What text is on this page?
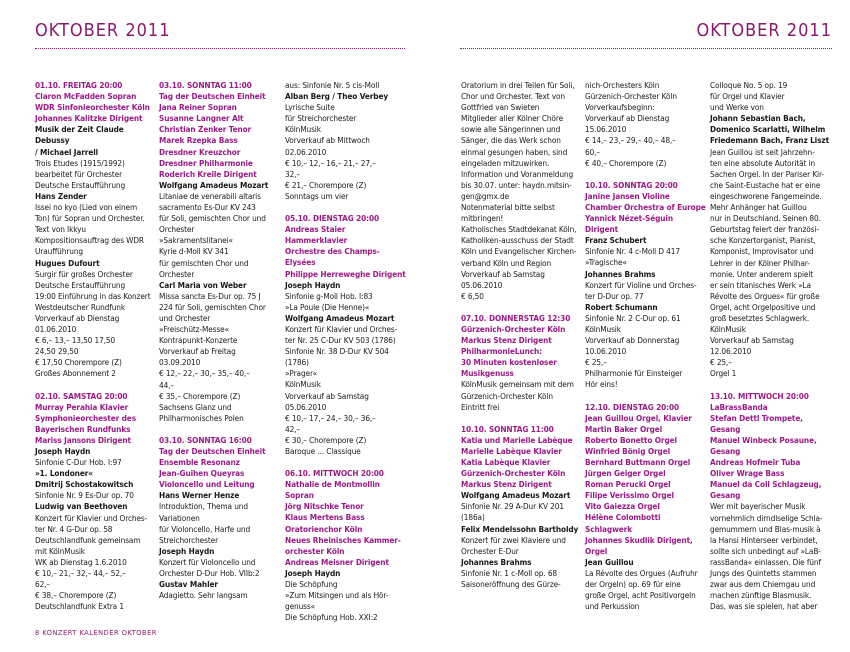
OKTOBER 2011	OKTOBER 2011
01.10. FREITAG 20:00
Claron McFadden Sopran
WDR Sinfonieorchester Köln
Johannes Kalitzke Dirigent
Musik der Zeit Claude Debussy
/ Michael Jarrell
Trois Etudes (1915/1992)
bearbeitet für Orchester
Deutsche Erstaufführung
Hans Zender
Issei no kyo (Lied von einem
Ton) für Sopran und Orchester.
Text von Ikkyu
Kompositionsauftrag des WDR
Uraufführung
Hugues Dufourt
Surgir für großes Orchester
Deutsche Erstaufführung
19:00 Einführung in das Konzert
Westdeutscher Rundfunk
Vorverkauf ab Dienstag
01.06.2010
€ 6,– 13,– 13,50 17,50
24,50 29,50
€ 17,50 Chorempore (Z)
Großes Abonnement 2
02.10. SAMSTAG 20:00
Murray Perahia Klavier
Symphonieorchester des
Bayerischen Rundfunks
Mariss Jansons Dirigent
Joseph Haydn
Sinfonie C-Dur Hob. I:97
»1. Londoner«
Dmitrij Schostakowitsch
Sinfonie Nr. 9 Es-Dur op. 70
Ludwig van Beethoven
Konzert für Klavier und Orches-
ter Nr. 4 G-Dur op. 58
Deutschlandfunk gemeinsam
mit KölnMusik
WK ab Dienstag 1.6.2010
€ 10,– 21,– 32,– 44,– 52,–
62,–
€ 38,– Chorempore (Z)
Deutschlandfunk Extra 1
03.10. SONNTAG 11:00
Tag der Deutschen Einheit
Jana Reiner Sopran
Susanne Langner Alt
Christian Zenker Tenor
Marek Rzepka Bass
Dresdner Kreuzchor
Dresdner Philharmonie
Roderich Kreile Dirigent
Wolfgang Amadeus Mozart
Litaniae de venerabili altaris
sacramento Es-Dur KV 243
für Soli, gemischten Chor und
Orchester
»Sakramentslitanei«
Kyrie d-Moll KV 341
für gemischten Chor und
Orchester
Carl Maria von Weber
Missa sancta Es-Dur op. 75 J
224 für Soli, gemischten Chor
und Orchester
»Freischütz-Messe«
Kontrapunkt-Konzerte
Vorverkauf ab Freitag
03.09.2010
€ 12,– 22,– 30,– 35,– 40,–
44,–
€ 35,– Chorempore (Z)
Sachsens Glanz und
Philharmonisches Polen
03.10. SONNTAG 16:00
Tag der Deutschen Einheit
Ensemble Resonanz
Jean-Guihen Queyras
Violoncello und Leitung
Hans Werner Henze
Introduktion, Thema und
Variationen
für Violoncello, Harfe und
Streichorchester
Joseph Haydn
Konzert für Violoncello und
Orchester D-Dur Hob. VIIb:2
Gustav Mahler
Adagietto. Sehr langsam
aus: Sinfonie Nr. 5 cis-Moll
Alban Berg / Theo Verbey
Lyrische Suite
für Streichorchester
KölnMusik
Vorverkauf ab Mittwoch
02.06.2010
€ 10,– 12,– 16,– 21,– 27,–
32,–
€ 21,– Chorempore (Z)
Sonntags um vier
05.10. DIENSTAG 20:00
Andreas Staier Hammerklavier
Orchestre des Champs-Elysées
Philippe Herreweghe Dirigent
Joseph Haydn
Sinfonie g-Moll Hob. I:83
»La Poule (Die Henne)«
Wolfgang Amadeus Mozart
Konzert für Klavier und Orches-
ter Nr. 25 C-Dur KV 503 (1786)
Sinfonie Nr. 38 D-Dur KV 504
(1786)
»Prager«
KölnMusik
Vorverkauf ab Samstag
05.06.2010
€ 10,– 17,– 24,– 30,– 36,–
42,–
€ 30,– Chorempore (Z)
Baroque ... Classique
06.10. MITTWOCH 20:00
Nathalie de Montmollin Sopran
Jörg Nitschke Tenor
Klaus Mertens Bass
Oratorienchor Köln
Neues Rheinisches Kammer-
orchester Köln
Andreas Meisner Dirigent
Joseph Haydn
Die Schöpfung
»Zum Mitsingen und als Hör-
genuss«
Die Schöpfung Hob. XXI:2
Oratorium in drei Teilen für Soli,
Chor und Orchester. Text von
Gottfried van Swieten
Mitglieder aller Kölner Chöre
sowie alle Sängerinnen und
Sänger, die das Werk schon
einmal gesungen haben, sind
eingeladen mitzuwirken.
Information und Voranmeldung
bis 30.07. unter: haydn.mitsin-
gen@gmx.de
Notenmaterial bitte selbst
mitbringen!
Katholisches Stadtdekanat Köln,
Katholiken-ausschuss der Stadt
Köln und Evangelischer Kirchen-
verband Köln und Region
Vorverkauf ab Samstag
05.06.2010
€ 6,50
07.10. DONNERSTAG 12:30
Gürzenich-Orchester Köln
Markus Stenz Dirigent
PhilharmonieLunch:
30 Minuten kostenloser
Musikgenuss
KölnMusik gemeinsam mit dem
Gürzenich-Orchester Köln
Eintritt frei
10.10. SONNTAG 11:00
Katia und Marielle Labèque
Marielle Labèque Klavier
Katia Labèque Klavier
Gürzenich-Orchester Köln
Markus Stenz Dirigent
Wolfgang Amadeus Mozart
Sinfonie Nr. 29 A-Dur KV 201
(186a)
Felix Mendelssohn Bartholdy
Konzert für zwei Klaviere und
Orchester E-Dur
Johannes Brahms
Sinfonie Nr. 1 c-Moll op. 68
Saisoneröffnung des Gürze-
nich-Orchesters Köln
Gürzenich-Orchester Köln
Vorverkaufsbeginn:
Vorverkauf ab Dienstag
15.06.2010
€ 14,– 23,– 29,– 40,– 48,–
60,–
€ 40,– Chorempore (Z)
10.10. SONNTAG 20:00
Janine Jansen Violine
Chamber Orchestra of Europe
Yannick Nézet-Séguin Dirigent
Franz Schubert
Sinfonie Nr. 4 c-Moll D 417
»Tragische«
Johannes Brahms
Konzert für Violine und Orches-
ter D-Dur op. 77
Robert Schumann
Sinfonie Nr. 2 C-Dur op. 61
KölnMusik
Vorverkauf ab Donnerstag
10.06.2010
€ 25,–
Philharmonie für Einsteiger
Hör eins!
12.10. DIENSTAG 20:00
Jean Guillou Orgel, Klavier
Martin Baker Orgel
Roberto Bonetto Orgel
Winfried Bönig Orgel
Bernhard Buttmann Orgel
Jürgen Geiger Orgel
Roman Perucki Orgel
Filipe Verissimo Orgel
Vito Gaiezza Orgel
Hélène Colombotti Schlagwerk
Johannes Skudlik Dirigent,
Orgel
Jean Guillou
La Révolte des Orgues (Aufruhr
der Orgeln) op. 69 für eine
große Orgel, acht Positivorgeln
und Perkussion
Colloque No. 5 op. 19
für Orgel und Klavier
und Werke von
Johann Sebastian Bach,
Domenico Scarlatti, Wilhelm
Friedemann Bach, Franz Liszt
Jean Guillou ist seit Jahrzehn-
ten eine absolute Autorität in
Sachen Orgel. In der Pariser Kir-
che Saint-Eustache hat er eine
eingeschworene Fangemeinde.
Mehr Anhänger hat Guillou
nur in Deutschland. Seinen 80.
Geburtstag feiert der französi-
sche Konzertorganist, Pianist,
Komponist, Improvisator und
Lehrer in der Kölner Philhar-
monie. Unter anderem spielt
er sein titanisches Werk »La
Révolte des Orgues« für große
Orgel, acht Orgelpositive und
groß besetztes Schlagwerk.
KölnMusik
Vorverkauf ab Samstag
12.06.2010
€ 25,–
Orgel 1
13.10. MITTWOCH 20:00
LaBrassBanda
Stefan Dettl Trompete, Gesang
Manuel Winbeck Posaune,
Gesang
Andreas Hofmeir Tuba
Oliver Wrage Bass
Manuel da Coll Schlagzeug,
Gesang
Wer mit bayerischer Musik
vornehmlich dirndlselige Schla-
gemummern und Blas-musik à
la Hansi Hinterseer verbindet,
sollte sich unbedingt auf »LaB-
rassBanda« einlassen. Die fünf
Jungs des Quintetts stammen
zwar aus dem Chiemgau und
machen zünftige Blasmusik.
Das, was sie spielen, hat aber
8 KONZERT KALENDER OKTOBER
